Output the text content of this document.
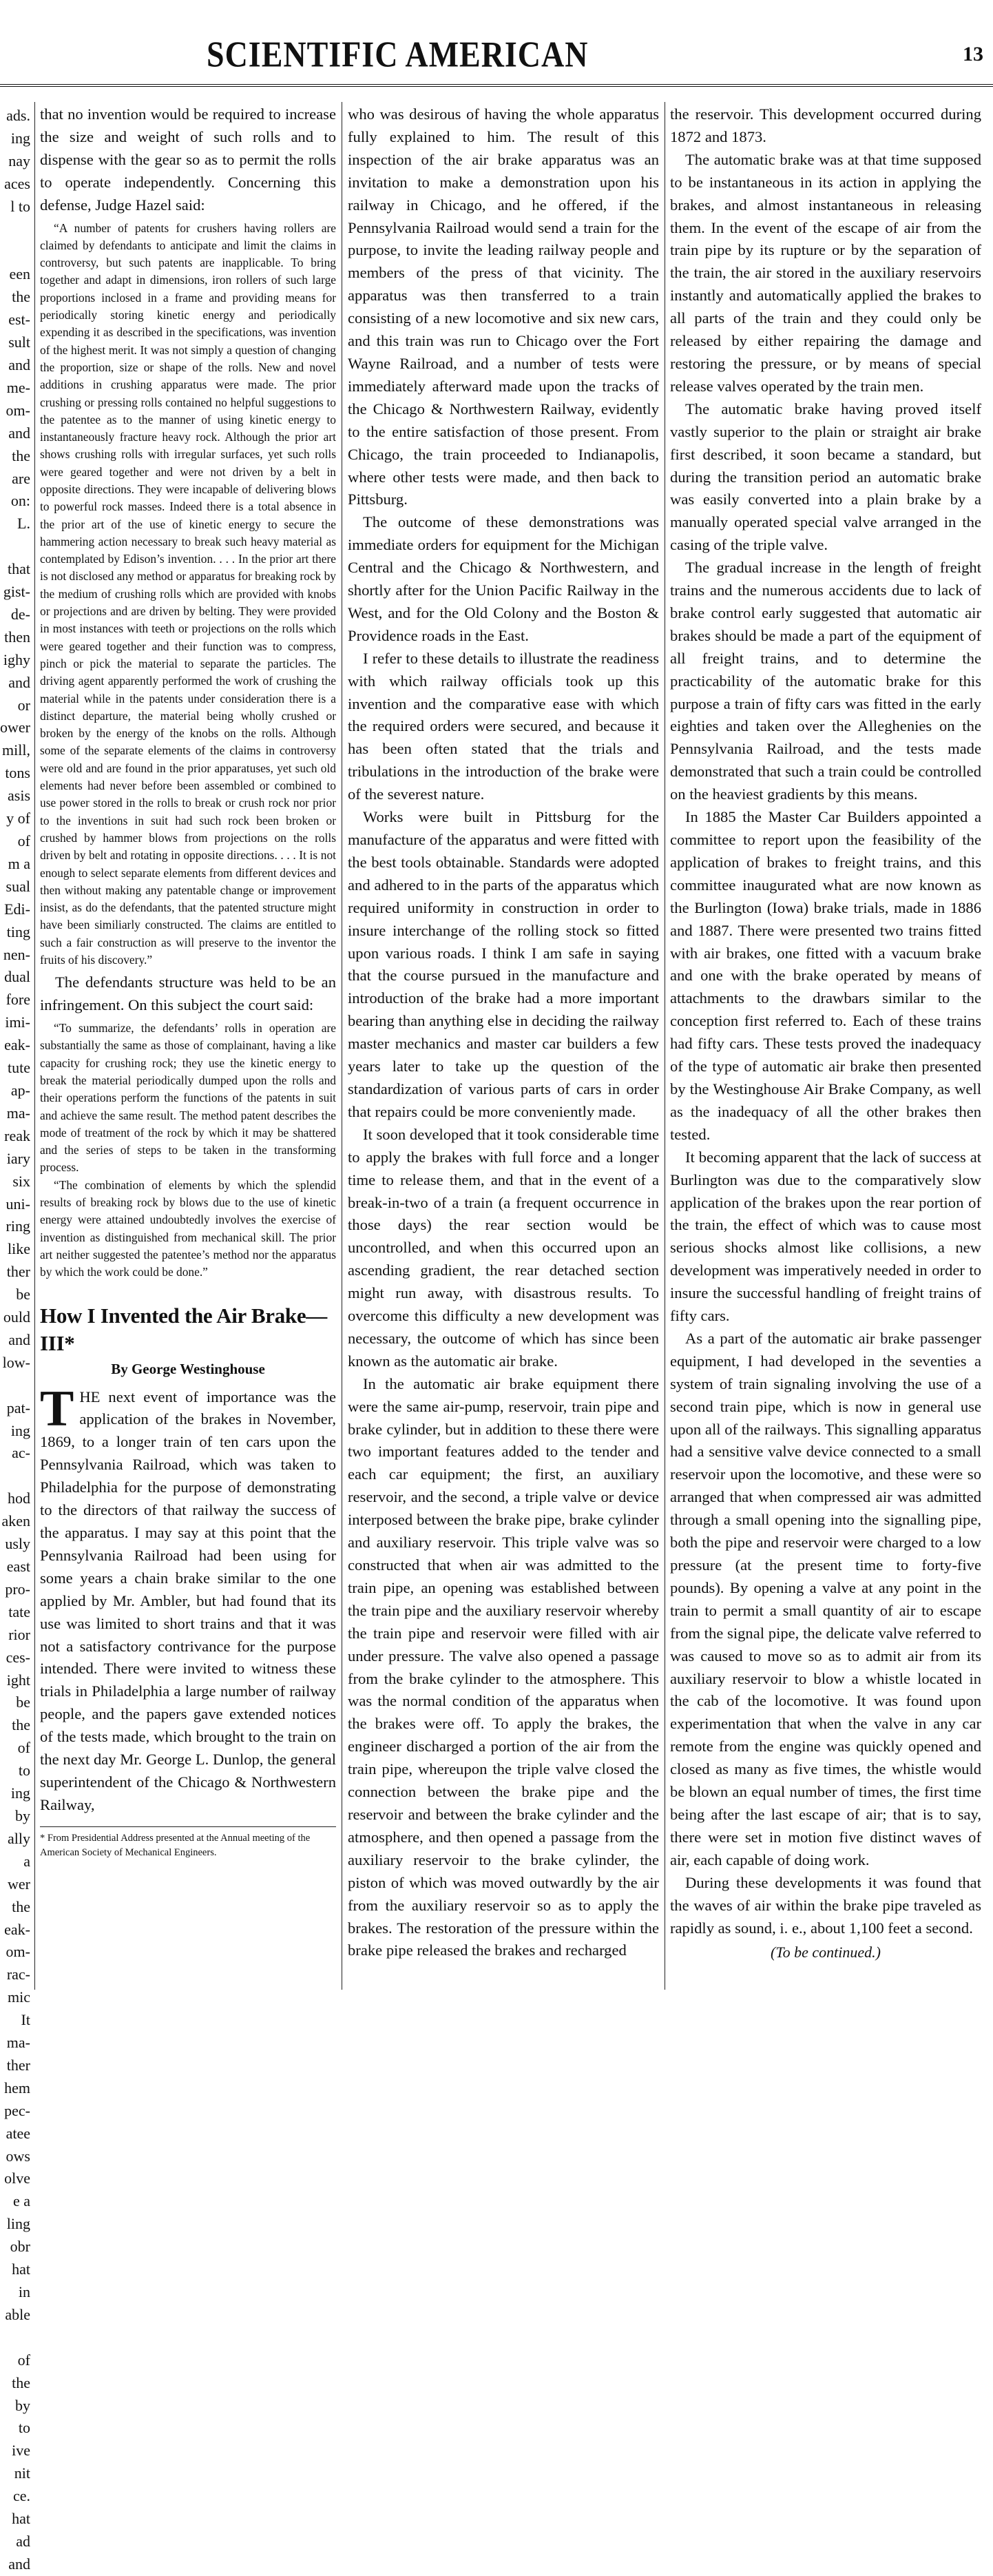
SCIENTIFIC AMERICAN	13
ads.
ing
nay
aces
l to

een
the
est-
sult
and
me-
om-
and
the
are
on:
L.

that
gist-
de-
then
ighy
and
or
ower
mill,
tons
asis
y of
of
m a
sual
Edi-
ting
nen-
dual
fore
imi-
eak-
tute
ap-
ma-
reak
iary
six
uni-
ring
like
ther
be
ould
and
low-

pat-
ing
ac-

hod
aken
usly
east
pro-
tate
rior
ces-
ight
be
the
of
to
ing
by
ally
a
wer
the
eak-
om-
rac-
mic
It
ma-
ther
hem
pec-
atee
ows
olve
e a
ling
obr
hat
in
able

of
the
by
to
ive
nit
ce.
hat
ad
and

that no invention would be required to increase the size and weight of such rolls and to dispense with the gear so as to permit the rolls to operate independently. Concerning this defense, Judge Hazel said:

“A number of patents for crushers having rollers are claimed by defendants to anticipate and limit the claims in controversy, but such patents are inapplicable. To bring together and adapt in dimensions, iron rollers of such large proportions inclosed in a frame and providing means for periodically storing kinetic energy and periodically expending it as described in the specifications, was invention of the highest merit. It was not simply a question of changing the proportion, size or shape of the rolls. New and novel additions in crushing apparatus were made. The prior crushing or pressing rolls contained no helpful suggestions to the patentee as to the manner of using kinetic energy to instantaneously fracture heavy rock. Although the prior art shows crushing rolls with irregular surfaces, yet such rolls were geared together and were not driven by a belt in opposite directions. They were incapable of delivering blows to powerful rock masses. Indeed there is a total absence in the prior art of the use of kinetic energy to secure the hammering action necessary to break such heavy material as contemplated by Edison’s invention. . . . In the prior art there is not disclosed any method or apparatus for breaking rock by the medium of crushing rolls which are provided with knobs or projections and are driven by belting. They were provided in most instances with teeth or projections on the rolls which were geared together and their function was to compress, pinch or pick the material to separate the particles. The driving agent apparently performed the work of crushing the material while in the patents under consideration there is a distinct departure, the material being wholly crushed or broken by the energy of the knobs on the rolls. Although some of the separate elements of the claims in controversy were old and are found in the prior apparatuses, yet such old elements had never before been assembled or combined to use power stored in the rolls to break or crush rock nor prior to the inventions in suit had such rock been broken or crushed by hammer blows from projections on the rolls driven by belt and rotating in opposite directions. . . . It is not enough to select separate elements from different devices and then without making any patentable change or improvement insist, as do the defendants, that the patented structure might have been similiarly constructed. The claims are entitled to such a fair construction as will preserve to the inventor the fruits of his discovery.”

The defendants structure was held to be an infringement. On this subject the court said:

“To summarize, the defendants’ rolls in operation are substantially the same as those of complainant, having a like capacity for crushing rock; they use the kinetic energy to break the material periodically dumped upon the rolls and their operations perform the functions of the patents in suit and achieve the same result. The method patent describes the mode of treatment of the rock by which it may be shattered and the series of steps to be taken in the transforming process.

“The combination of elements by which the splendid results of breaking rock by blows due to the use of kinetic energy were attained undoubtedly involves the exercise of invention as distinguished from mechanical skill. The prior art neither suggested the patentee’s method nor the apparatus by which the work could be done.”

How I Invented the Air Brake—III*
By George Westinghouse

THE next event of importance was the application of the brakes in November, 1869, to a longer train of ten cars upon the Pennsylvania Railroad, which was taken to Philadelphia for the purpose of demonstrating to the directors of that railway the success of the apparatus. I may say at this point that the Pennsylvania Railroad had been using for some years a chain brake similar to the one applied by Mr. Ambler, but had found that its use was limited to short trains and that it was not a satisfactory contrivance for the purpose intended. There were invited to witness these trials in Philadelphia a large number of railway people, and the papers gave extended notices of the tests made, which brought to the train on the next day Mr. George L. Dunlop, the general superintendent of the Chicago & Northwestern Railway,

* From Presidential Address presented at the Annual meeting of the American Society of Mechanical Engineers.

who was desirous of having the whole apparatus fully explained to him. The result of this inspection of the air brake apparatus was an invitation to make a demonstration upon his railway in Chicago, and he offered, if the Pennsylvania Railroad would send a train for the purpose, to invite the leading railway people and members of the press of that vicinity. The apparatus was then transferred to a train consisting of a new locomotive and six new cars, and this train was run to Chicago over the Fort Wayne Railroad, and a number of tests were immediately afterward made upon the tracks of the Chicago & Northwestern Railway, evidently to the entire satisfaction of those present. From Chicago, the train proceeded to Indianapolis, where other tests were made, and then back to Pittsburg.

The outcome of these demonstrations was immediate orders for equipment for the Michigan Central and the Chicago & Northwestern, and shortly after for the Union Pacific Railway in the West, and for the Old Colony and the Boston & Providence roads in the East.

I refer to these details to illustrate the readiness with which railway officials took up this invention and the comparative ease with which the required orders were secured, and because it has been often stated that the trials and tribulations in the introduction of the brake were of the severest nature.

Works were built in Pittsburg for the manufacture of the apparatus and were fitted with the best tools obtainable. Standards were adopted and adhered to in the parts of the apparatus which required uniformity in construction in order to insure interchange of the rolling stock so fitted upon various roads. I think I am safe in saying that the course pursued in the manufacture and introduction of the brake had a more important bearing than anything else in deciding the railway master mechanics and master car builders a few years later to take up the question of the standardization of various parts of cars in order that repairs could be more conveniently made.

It soon developed that it took considerable time to apply the brakes with full force and a longer time to release them, and that in the event of a break-in-two of a train (a frequent occurrence in those days) the rear section would be uncontrolled, and when this occurred upon an ascending gradient, the rear detached section might run away, with disastrous results. To overcome this difficulty a new development was necessary, the outcome of which has since been known as the automatic air brake.

In the automatic air brake equipment there were the same air-pump, reservoir, train pipe and brake cylinder, but in addition to these there were two important features added to the tender and each car equipment; the first, an auxiliary reservoir, and the second, a triple valve or device interposed between the brake pipe, brake cylinder and auxiliary reservoir. This triple valve was so constructed that when air was admitted to the train pipe, an opening was established between the train pipe and the auxiliary reservoir whereby the train pipe and reservoir were filled with air under pressure. The valve also opened a passage from the brake cylinder to the atmosphere. This was the normal condition of the apparatus when the brakes were off. To apply the brakes, the engineer discharged a portion of the air from the train pipe, whereupon the triple valve closed the connection between the brake pipe and the reservoir and between the brake cylinder and the atmosphere, and then opened a passage from the auxiliary reservoir to the brake cylinder, the piston of which was moved outwardly by the air from the auxiliary reservoir so as to apply the brakes. The restoration of the pressure within the brake pipe released the brakes and recharged

the reservoir. This development occurred during 1872 and 1873.

The automatic brake was at that time supposed to be instantaneous in its action in applying the brakes, and almost instantaneous in releasing them. In the event of the escape of air from the train pipe by its rupture or by the separation of the train, the air stored in the auxiliary reservoirs instantly and automatically applied the brakes to all parts of the train and they could only be released by either repairing the damage and restoring the pressure, or by means of special release valves operated by the train men.

The automatic brake having proved itself vastly superior to the plain or straight air brake first described, it soon became a standard, but during the transition period an automatic brake was easily converted into a plain brake by a manually operated special valve arranged in the casing of the triple valve.

The gradual increase in the length of freight trains and the numerous accidents due to lack of brake control early suggested that automatic air brakes should be made a part of the equipment of all freight trains, and to determine the practicability of the automatic brake for this purpose a train of fifty cars was fitted in the early eighties and taken over the Alleghenies on the Pennsylvania Railroad, and the tests made demonstrated that such a train could be controlled on the heaviest gradients by this means.

In 1885 the Master Car Builders appointed a committee to report upon the feasibility of the application of brakes to freight trains, and this committee inaugurated what are now known as the Burlington (Iowa) brake trials, made in 1886 and 1887. There were presented two trains fitted with air brakes, one fitted with a vacuum brake and one with the brake operated by means of attachments to the drawbars similar to the conception first referred to. Each of these trains had fifty cars. These tests proved the inadequacy of the type of automatic air brake then presented by the Westinghouse Air Brake Company, as well as the inadequacy of all the other brakes then tested.

It becoming apparent that the lack of success at Burlington was due to the comparatively slow application of the brakes upon the rear portion of the train, the effect of which was to cause most serious shocks almost like collisions, a new development was imperatively needed in order to insure the successful handling of freight trains of fifty cars.

As a part of the automatic air brake passenger equipment, I had developed in the seventies a system of train signaling involving the use of a second train pipe, which is now in general use upon all of the railways. This signalling apparatus had a sensitive valve device connected to a small reservoir upon the locomotive, and these were so arranged that when compressed air was admitted through a small opening into the signalling pipe, both the pipe and reservoir were charged to a low pressure (at the present time to forty-five pounds). By opening a valve at any point in the train to permit a small quantity of air to escape from the signal pipe, the delicate valve referred to was caused to move so as to admit air from its auxiliary reservoir to blow a whistle located in the cab of the locomotive. It was found upon experimentation that when the valve in any car remote from the engine was quickly opened and closed as many as five times, the whistle would be blown an equal number of times, the first time being after the last escape of air; that is to say, there were set in motion five distinct waves of air, each capable of doing work.

During these developments it was found that the waves of air within the brake pipe traveled as rapidly as sound, i. e., about 1,100 feet a second.

(To be continued.)
